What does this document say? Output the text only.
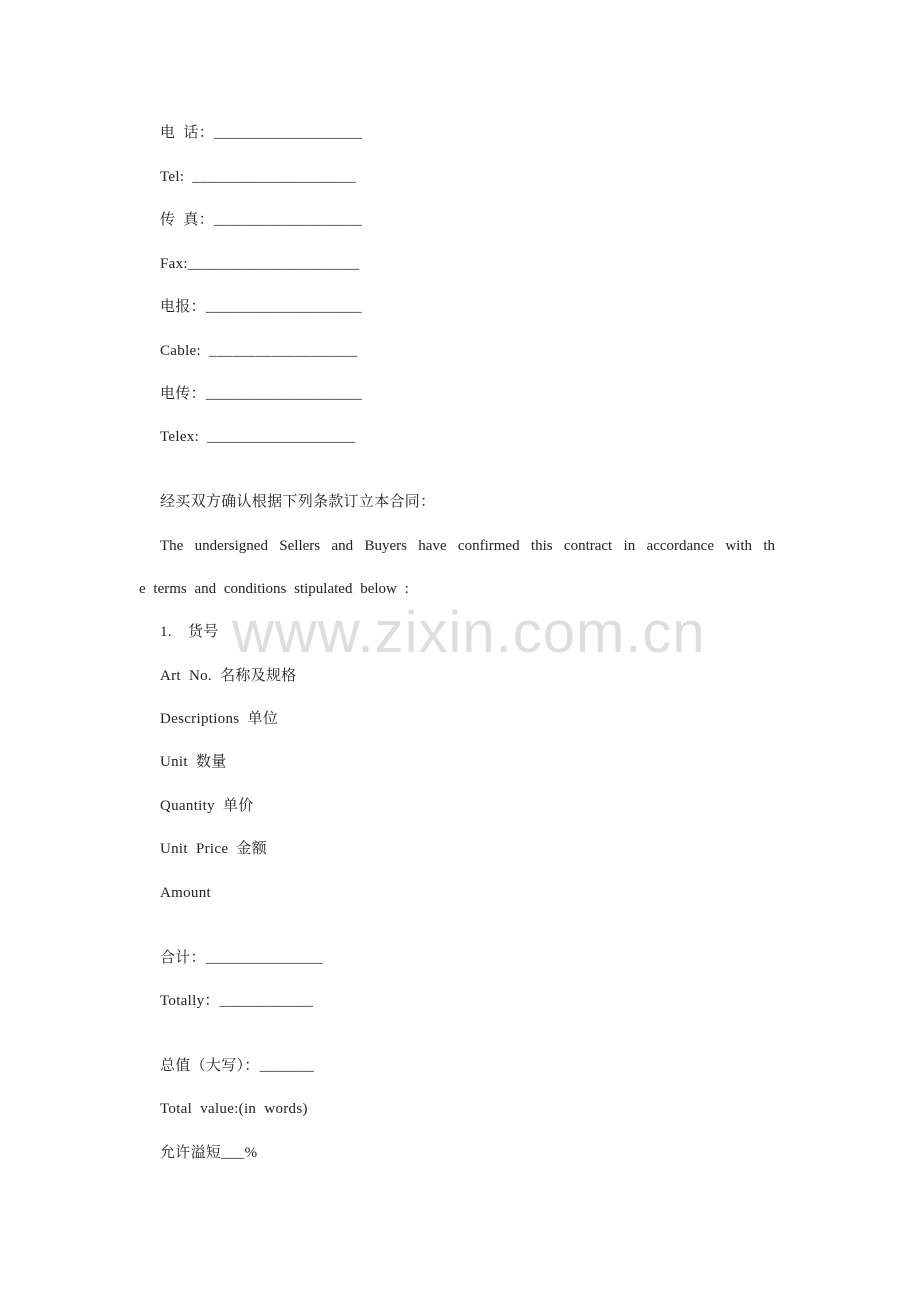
电  话：___________________
Tel:  _____________________
传  真：___________________
Fax:______________________
电报：____________________
Cable:  ___________________
电传：____________________
Telex:  ___________________
经买双方确认根据下列条款订立本合同：
The undersigned Sellers and Buyers have confirmed this contract in accordance with th
e terms and conditions stipulated below :
1.    货号
Art  No.  名称及规格
Descriptions  单位
Unit  数量
Quantity  单价
Unit  Price  金额
Amount
合计：_______________
Totally：____________
总值（大写）：_______
Total  value:(in  words)
允许溢短___%
www.zixin.com.cn
